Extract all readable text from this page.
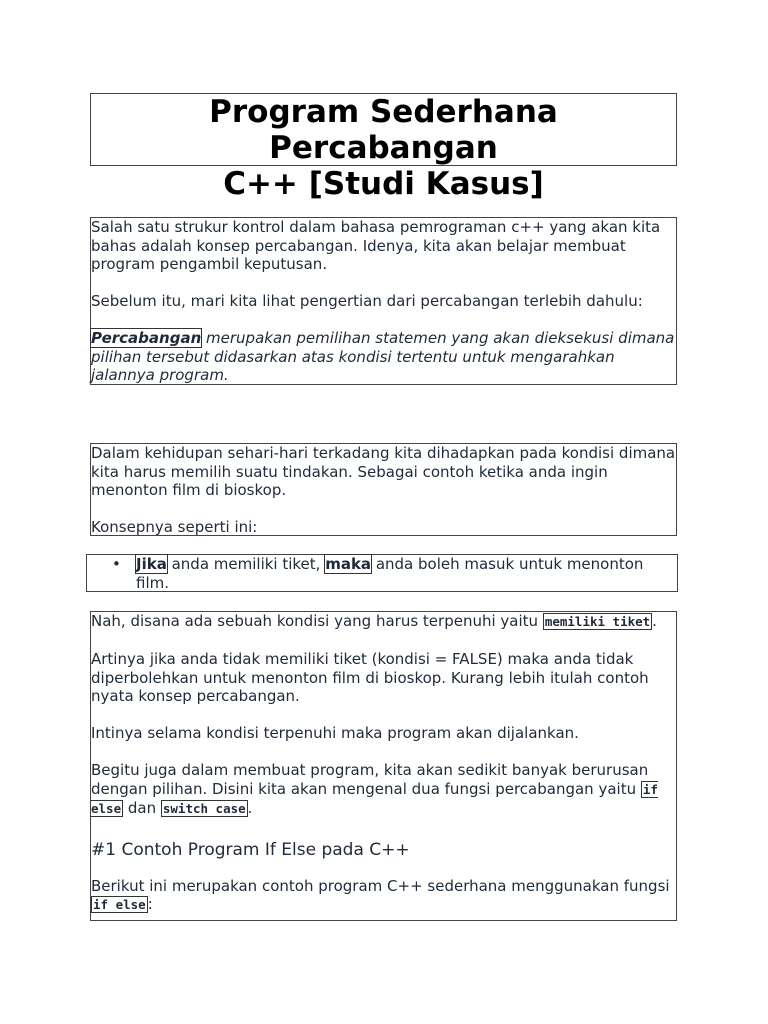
Program Sederhana Percabangan
C++ [Studi Kasus]

Salah satu strukur kontrol dalam bahasa pemrograman c++ yang akan kita bahas adalah konsep percabangan. Idenya, kita akan belajar membuat program pengambil keputusan.

Sebelum itu, mari kita lihat pengertian dari percabangan terlebih dahulu:

Percabangan merupakan pemilihan statemen yang akan dieksekusi dimana pilihan tersebut didasarkan atas kondisi tertentu untuk mengarahkan jalannya program.

Dalam kehidupan sehari-hari terkadang kita dihadapkan pada kondisi dimana kita harus memilih suatu tindakan. Sebagai contoh ketika anda ingin menonton film di bioskop.

Konsepnya seperti ini:

• Jika anda memiliki tiket, maka anda boleh masuk untuk menonton film.

Nah, disana ada sebuah kondisi yang harus terpenuhi yaitu memiliki tiket .

Artinya jika anda tidak memiliki tiket (kondisi = FALSE) maka anda tidak diperbolehkan untuk menonton film di bioskop. Kurang lebih itulah contoh nyata konsep percabangan.

Intinya selama kondisi terpenuhi maka program akan dijalankan.

Begitu juga dalam membuat program, kita akan sedikit banyak berurusan dengan pilihan. Disini kita akan mengenal dua fungsi percabangan yaitu if else dan switch case .

#1 Contoh Program If Else pada C++

Berikut ini merupakan contoh program C++ sederhana menggunakan fungsi if else :
